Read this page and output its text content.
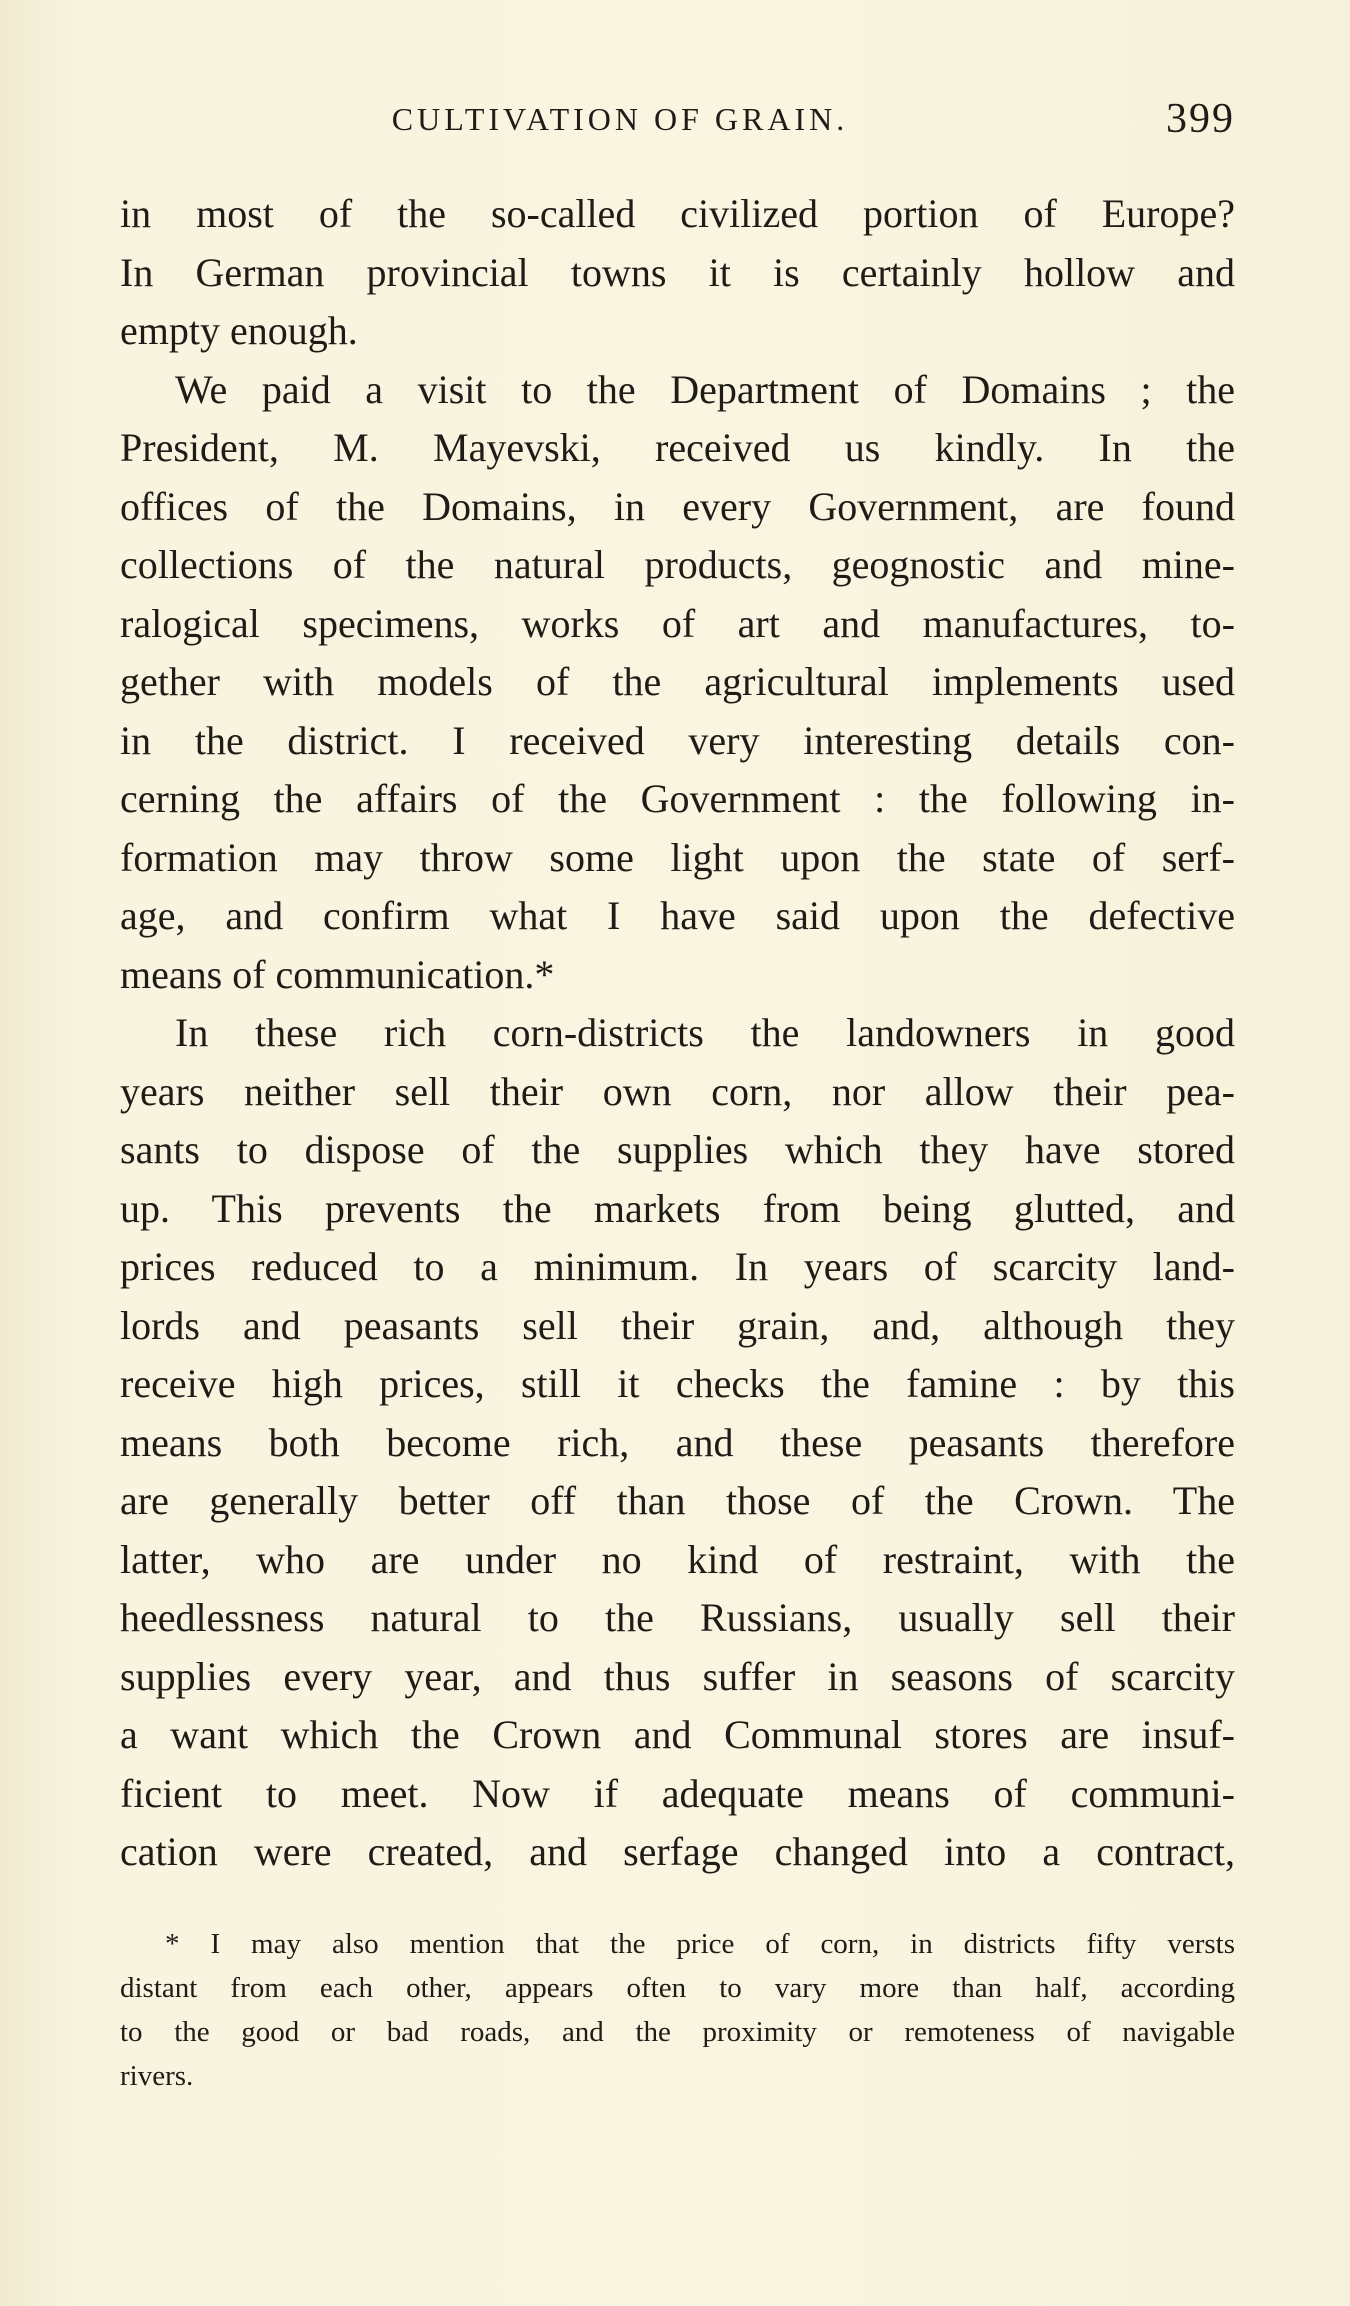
CULTIVATION OF GRAIN.	399
in most of the so-called civilized portion of Europe?
In German provincial towns it is certainly hollow and
empty enough.
We paid a visit to the Department of Domains ; the
President, M. Mayevski, received us kindly. In the
offices of the Domains, in every Government, are found
collections of the natural products, geognostic and mine-
ralogical specimens, works of art and manufactures, to-
gether with models of the agricultural implements used
in the district. I received very interesting details con-
cerning the affairs of the Government : the following in-
formation may throw some light upon the state of serf-
age, and confirm what I have said upon the defective
means of communication.*
In these rich corn-districts the landowners in good
years neither sell their own corn, nor allow their pea-
sants to dispose of the supplies which they have stored
up. This prevents the markets from being glutted, and
prices reduced to a minimum. In years of scarcity land-
lords and peasants sell their grain, and, although they
receive high prices, still it checks the famine : by this
means both become rich, and these peasants therefore
are generally better off than those of the Crown. The
latter, who are under no kind of restraint, with the
heedlessness natural to the Russians, usually sell their
supplies every year, and thus suffer in seasons of scarcity
a want which the Crown and Communal stores are insuf-
ficient to meet. Now if adequate means of communi-
cation were created, and serfage changed into a contract,
* I may also mention that the price of corn, in districts fifty versts
distant from each other, appears often to vary more than half, according
to the good or bad roads, and the proximity or remoteness of navigable
rivers.
